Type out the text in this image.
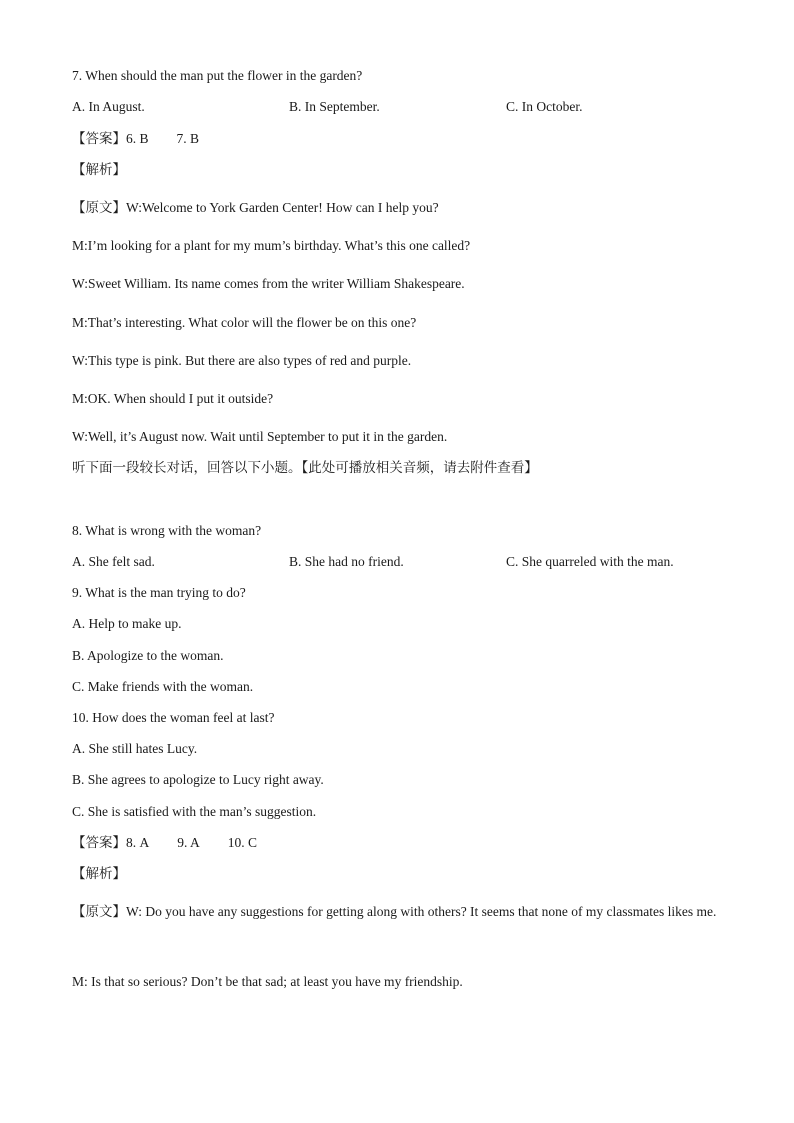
7. When should the man put the flower in the garden?
A. In August.	B. In September.	C. In October.
【答案】6. B 7. B
【解析】
【原文】W:Welcome to York Garden Center! How can I help you?
M:I’m looking for a plant for my mum’s birthday. What’s this one called?
W:Sweet William. Its name comes from the writer William Shakespeare.
M:That’s interesting. What color will the flower be on this one?
W:This type is pink. But there are also types of red and purple.
M:OK. When should I put it outside?
W:Well, it’s August now. Wait until September to put it in the garden.
听下面一段较长对话，回答以下小题。【此处可播放相关音频，请去附件查看】
8. What is wrong with the woman?
A. She felt sad.	B. She had no friend.	C. She quarreled with the man.
9. What is the man trying to do?
A. Help to make up.
B. Apologize to the woman.
C. Make friends with the woman.
10. How does the woman feel at last?
A. She still hates Lucy.
B. She agrees to apologize to Lucy right away.
C. She is satisfied with the man’s suggestion.
【答案】8. A 9. A 10. C
【解析】
【原文】W: Do you have any suggestions for getting along with others? It seems that none of my classmates likes me.
M: Is that so serious? Don’t be that sad; at least you have my friendship.
